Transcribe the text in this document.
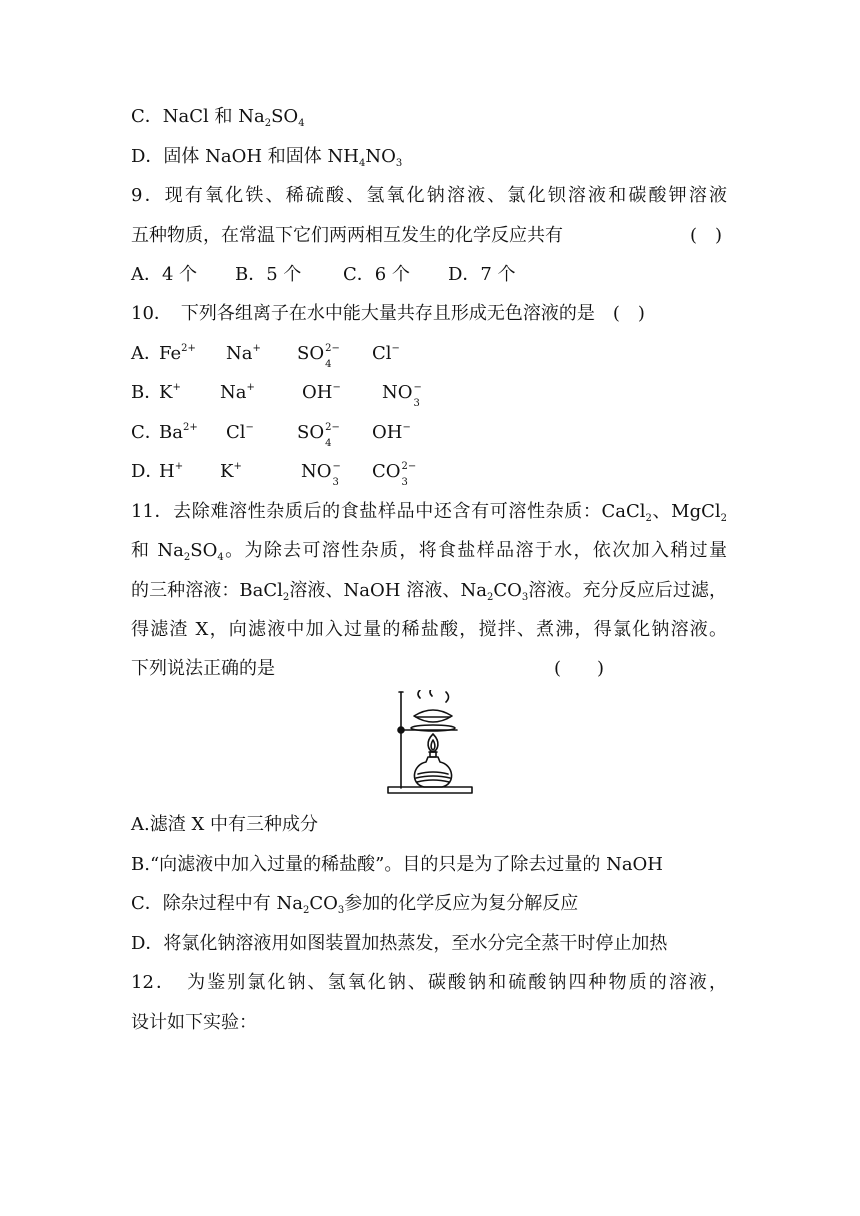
C．NaCl 和 $Na_2SO_4$
D．固体 NaOH 和固体 $NH_4NO_3$
9．现有氧化铁、稀硫酸、氢氧化钠溶液、氯化钡溶液和碳酸钾溶液
五种物质，在常温下它们两两相互发生的化学反应共有	(　)
A．4 个 B．5 个 C．6 个 D．7 个
10．　下列各组离子在水中能大量共存且形成无色溶液的是　(　)
A．
$Fe^{2+}$ Na+ SO 2−
4
Cl−
B．
K+ Na+	OH− NO −
3
C．
$Ba^{2+}$ Cl− SO 2−
4
OH−
D．
H+ K+	NO −
3
CO 2−
3
11．去除难溶性杂质后的食盐样品中还含有可溶性杂质：CaCl$_2$、MgCl$_2$
和 $Na_2SO_4$。为除去可溶性杂质，将食盐样品溶于水，依次加入稍过量
的三种溶液：BaCl$_2$溶液、NaOH 溶液、$Na_2CO_3$溶液。充分反应后过滤，
得滤渣 X，向滤液中加入过量的稀盐酸，搅拌、煮沸，得氯化钠溶液。
下列说法正确的是	(　　)
A.滤渣 X 中有三种成分
B.“向滤液中加入过量的稀盐酸”。目的只是为了除去过量的 NaOH
C．除杂过程中有 $Na_2CO_3$参加的化学反应为复分解反应
D．将氯化钠溶液用如图装置加热蒸发，至水分完全蒸干时停止加热
12．　为鉴别氯化钠、氢氧化钠、碳酸钠和硫酸钠四种物质的溶液，
设计如下实验：
